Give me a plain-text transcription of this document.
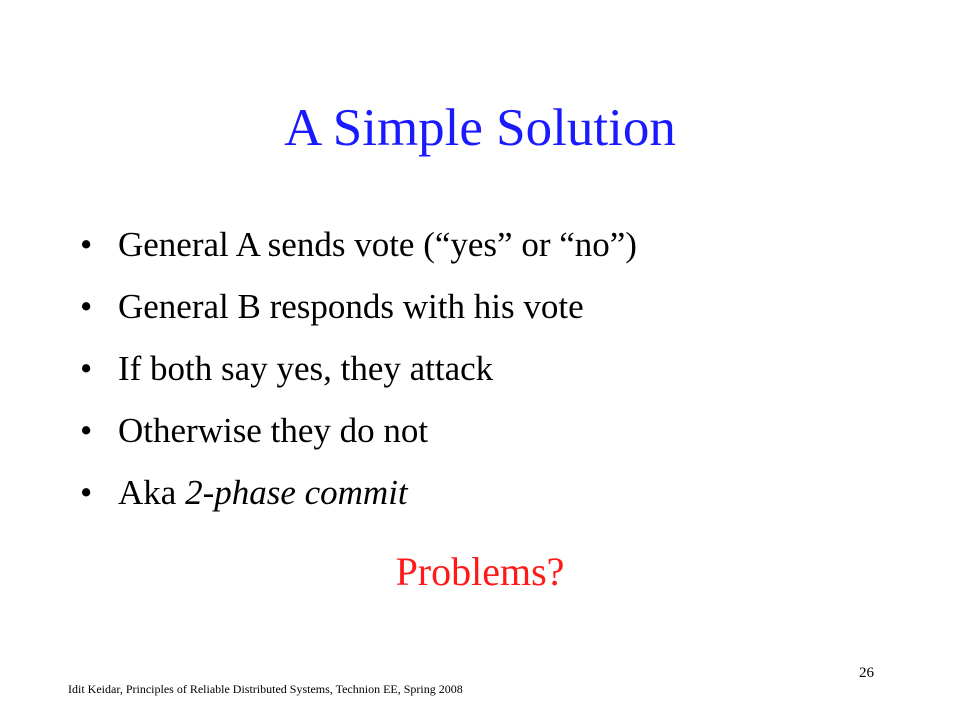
A Simple Solution
• General A sends vote (“yes” or “no”)
• General B responds with his vote
• If both say yes, they attack
• Otherwise they do not
• Aka 2-phase commit
Problems?
26
Idit Keidar, Principles of Reliable Distributed Systems, Technion EE, Spring 2008
